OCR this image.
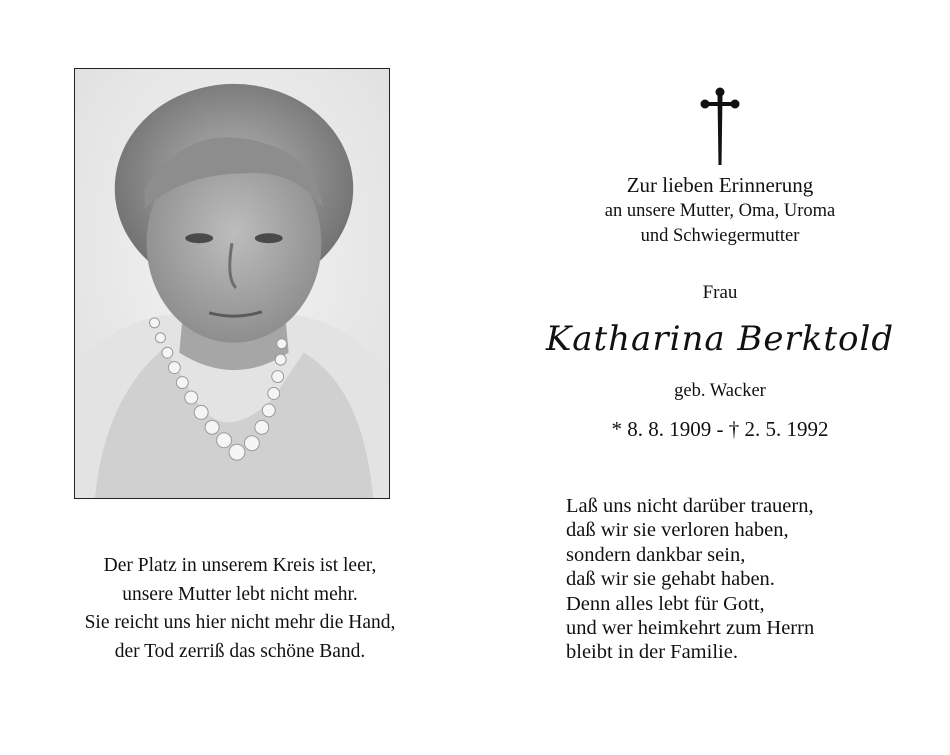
Der Platz in unserem Kreis ist leer,
unsere Mutter lebt nicht mehr.
Sie reicht uns hier nicht mehr die Hand,
der Tod zerriß das schöne Band.
Zur lieben Erinnerung
an unsere Mutter, Oma, Uroma
und Schwiegermutter
Frau
Katharina Berktold
geb. Wacker
* 8. 8. 1909 - † 2. 5. 1992
Laß uns nicht darüber trauern,
daß wir sie verloren haben,
sondern dankbar sein,
daß wir sie gehabt haben.
Denn alles lebt für Gott,
und wer heimkehrt zum Herrn
bleibt in der Familie.
